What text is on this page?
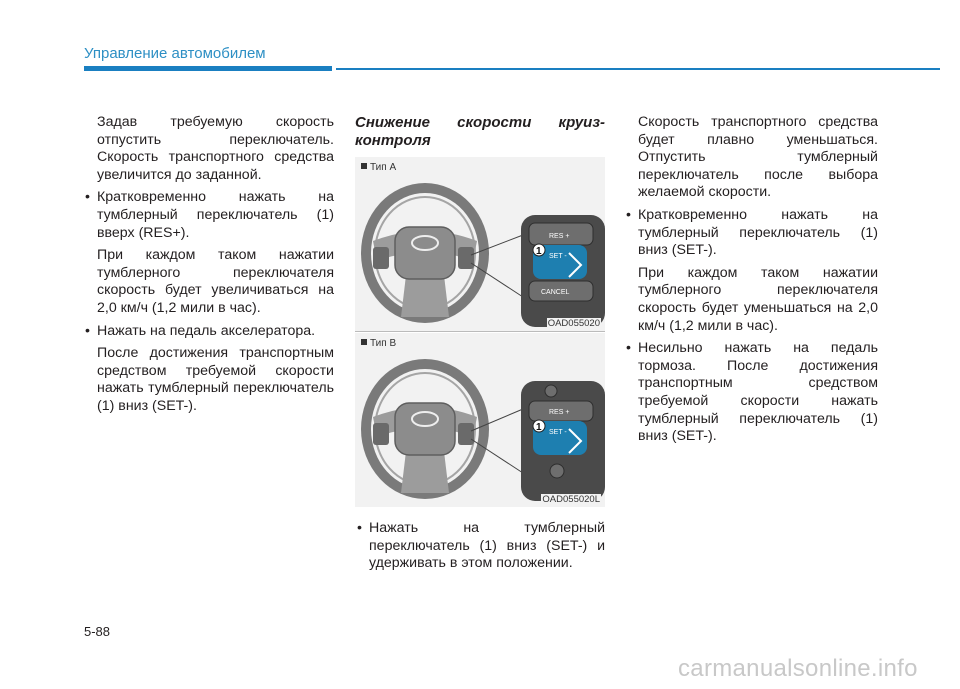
Управление автомобилем

Задав требуемую скорость отпустить переключатель. Скорость транспортного средства увеличится до заданной.

• Кратковременно нажать на тумблерный переключатель (1) вверх (RES+).

При каждом таком нажатии тумблерного переключателя скорость будет увеличиваться на 2,0 км/ч (1,2 мили в час).

• Нажать на педаль акселератора.

После достижения транспортным средством требуемой скорости нажать тумблерный переключатель (1) вниз (SET-).

Снижение скорости круиз-контроля

RES +
SET -
CANCEL
1
Тип A
OAD055020
RES +
SET -
1
Тип B
OAD055020L
• Нажать на тумблерный переключатель (1) вниз (SET-) и удерживать в этом положении.

Скорость транспортного средства будет плавно уменьшаться. Отпустить тумблерный переключатель после выбора желаемой скорости.

• Кратковременно нажать на тумблерный переключатель (1) вниз (SET-).

При каждом таком нажатии тумблерного переключателя скорость будет уменьшаться на 2,0 км/ч (1,2 мили в час).

• Несильно нажать на педаль тормоза. После достижения транспортным средством требуемой скорости нажать тумблерный переключатель (1) вниз (SET-).
5-88
carmanualsonline.info
